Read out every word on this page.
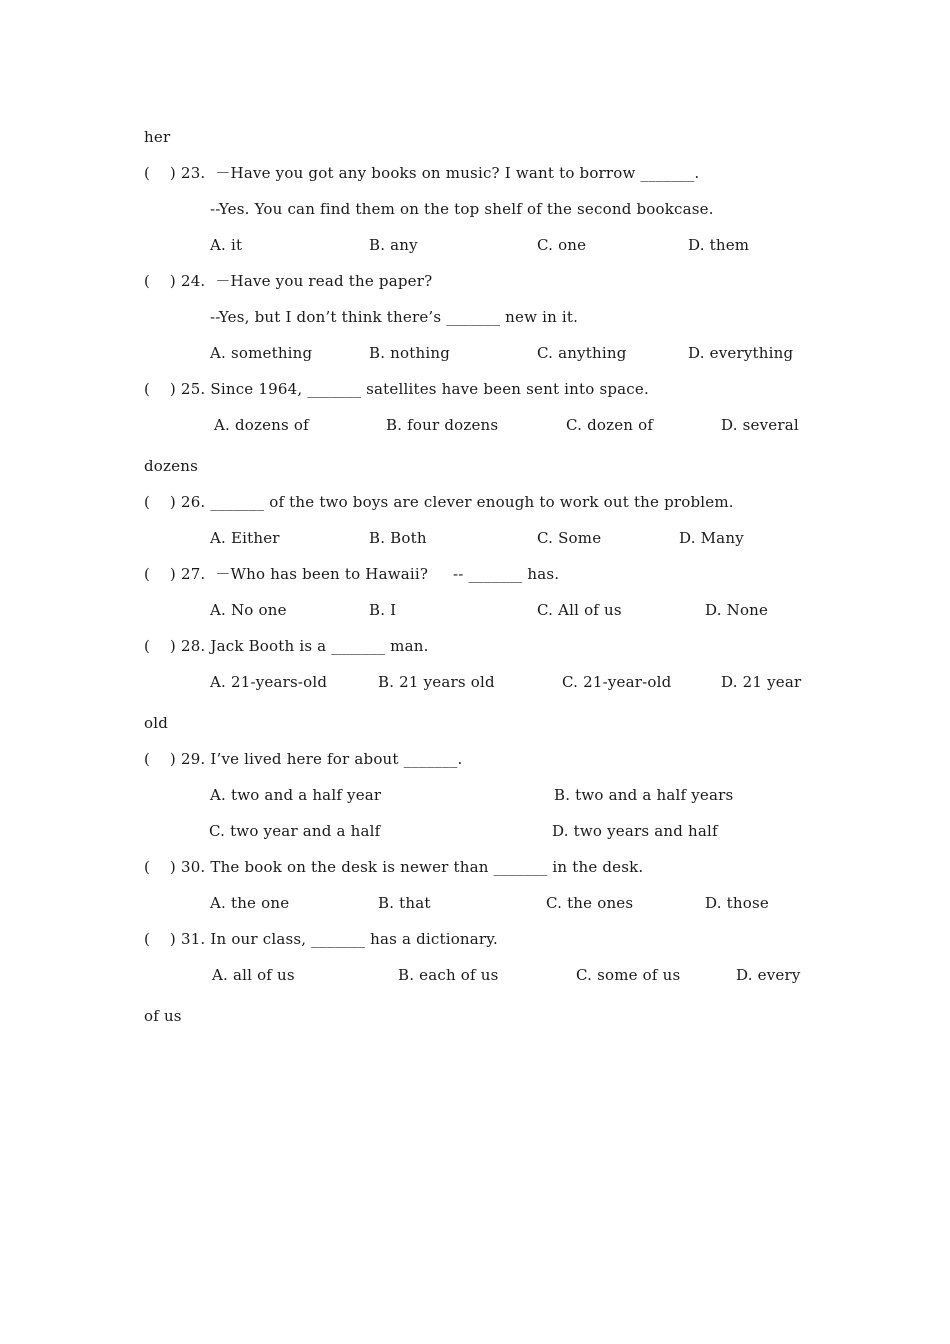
her
(    ) 23.  －Have you got any books on music? I want to borrow _______.
--Yes. You can find them on the top shelf of the second bookcase.
A. it	B. any	C. one	D. them
(    ) 24.  －Have you read the paper?
--Yes, but I don’t think there’s _______ new in it.
A. something	B. nothing	C. anything	D. everything
(    ) 25. Since 1964, _______ satellites have been sent into space.
A. dozens of	B. four dozens	C. dozen of	D. several
dozens
(    ) 26. _______ of the two boys are clever enough to work out the problem.
A. Either	B. Both	C. Some	D. Many
(    ) 27.  －Who has been to Hawaii?     -- _______ has.
A. No one	B. I	C. All of us	D. None
(    ) 28. Jack Booth is a _______ man.
A. 21-years-old	B. 21 years old	C. 21-year-old	D. 21 year
old
(    ) 29. I’ve lived here for about _______.
A. two and a half year	B. two and a half years
C. two year and a half	D. two years and half
(    ) 30. The book on the desk is newer than _______ in the desk.
A. the one	B. that	C. the ones	D. those
(    ) 31. In our class, _______ has a dictionary.
A. all of us	B. each of us	C. some of us	D. every
of us
